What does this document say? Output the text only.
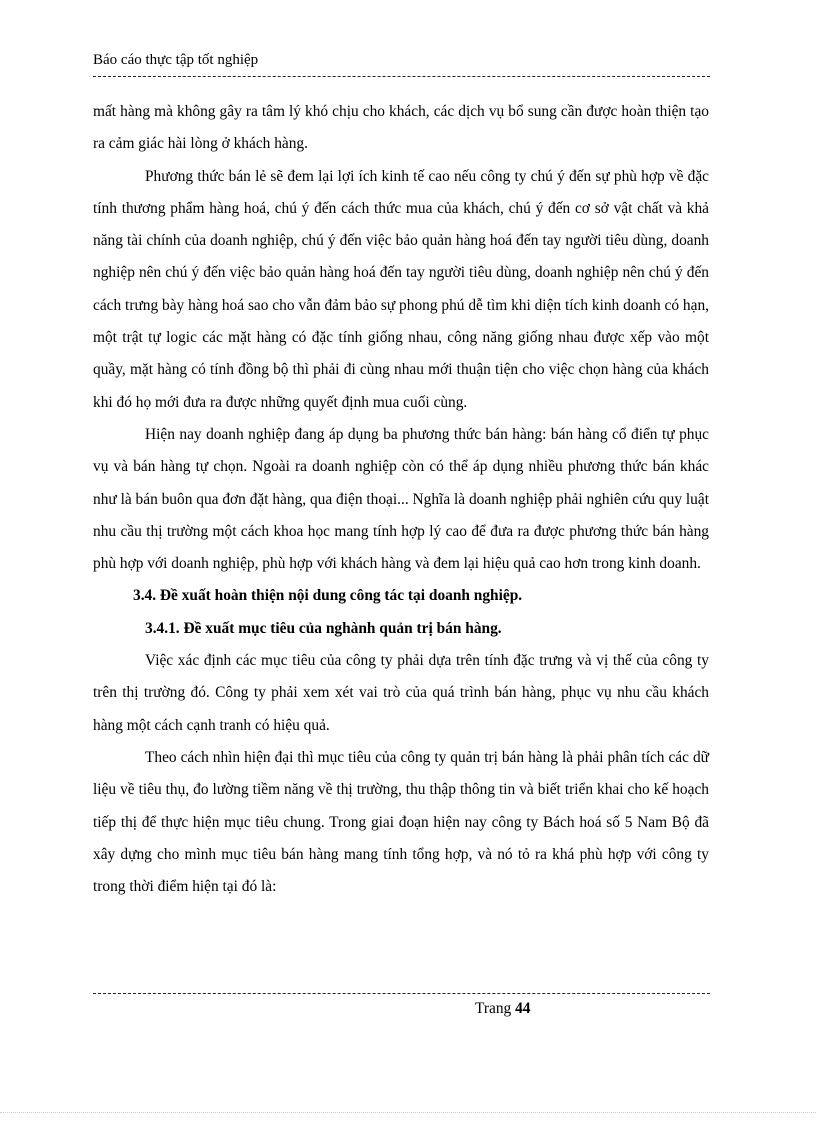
Báo cáo thực tập tốt nghiệp

mất hàng mà không gây ra tâm lý khó chịu cho khách, các dịch vụ bổ sung cần được hoàn thiện tạo ra cảm giác hài lòng ở khách hàng.

Phương thức bán lẻ sẽ đem lại lợi ích kinh tế cao nếu công ty chú ý đến sự phù hợp về đặc tính thương phẩm hàng hoá, chú ý đến cách thức mua của khách, chú ý đến cơ sở vật chất và khả năng tài chính của doanh nghiệp, chú ý đến việc bảo quản hàng hoá đến tay người tiêu dùng, doanh nghiệp nên chú ý đến việc bảo quản hàng hoá đến tay người tiêu dùng, doanh nghiệp nên chú ý đến cách trưng bày hàng hoá sao cho vẫn đảm bảo sự phong phú dễ tìm khi diện tích kinh doanh có hạn, một trật tự logic các mặt hàng có đặc tính giống nhau, công năng giống nhau được xếp vào một quầy, mặt hàng có tính đồng bộ thì phải đi cùng nhau mới thuận tiện cho việc chọn hàng của khách khi đó họ mới đưa ra được những quyết định mua cuối cùng.

Hiện nay doanh nghiệp đang áp dụng ba phương thức bán hàng: bán hàng cổ điển tự phục vụ và bán hàng tự chọn. Ngoài ra doanh nghiệp còn có thể áp dụng nhiều phương thức bán khác như là bán buôn qua đơn đặt hàng, qua điện thoại... Nghĩa là doanh nghiệp phải nghiên cứu quy luật nhu cầu thị trường một cách khoa học mang tính hợp lý cao để đưa ra được phương thức bán hàng phù hợp với doanh nghiệp, phù hợp với khách hàng và đem lại hiệu quả cao hơn trong kinh doanh.

3.4. Đề xuất hoàn thiện nội dung công tác tại doanh nghiệp.

3.4.1. Đề xuất mục tiêu của nghành quản trị bán hàng.

Việc xác định các mục tiêu của công ty phải dựa trên tính đặc trưng và vị thế của công ty trên thị trường đó. Công ty phải xem xét vai trò của quá trình bán hàng, phục vụ nhu cầu khách hàng một cách cạnh tranh có hiệu quả.

Theo cách nhìn hiện đại thì mục tiêu của công ty quản trị bán hàng là phải phân tích các dữ liệu về tiêu thụ, đo lường tiềm năng về thị trường, thu thập thông tin và biết triển khai cho kế hoạch tiếp thị để thực hiện mục tiêu chung. Trong giai đoạn hiện nay công ty Bách hoá số 5 Nam Bộ đã xây dựng cho mình mục tiêu bán hàng mang tính tổng hợp, và nó tỏ ra khá phù hợp với công ty trong thời điểm hiện tại đó là:

Trang 44
